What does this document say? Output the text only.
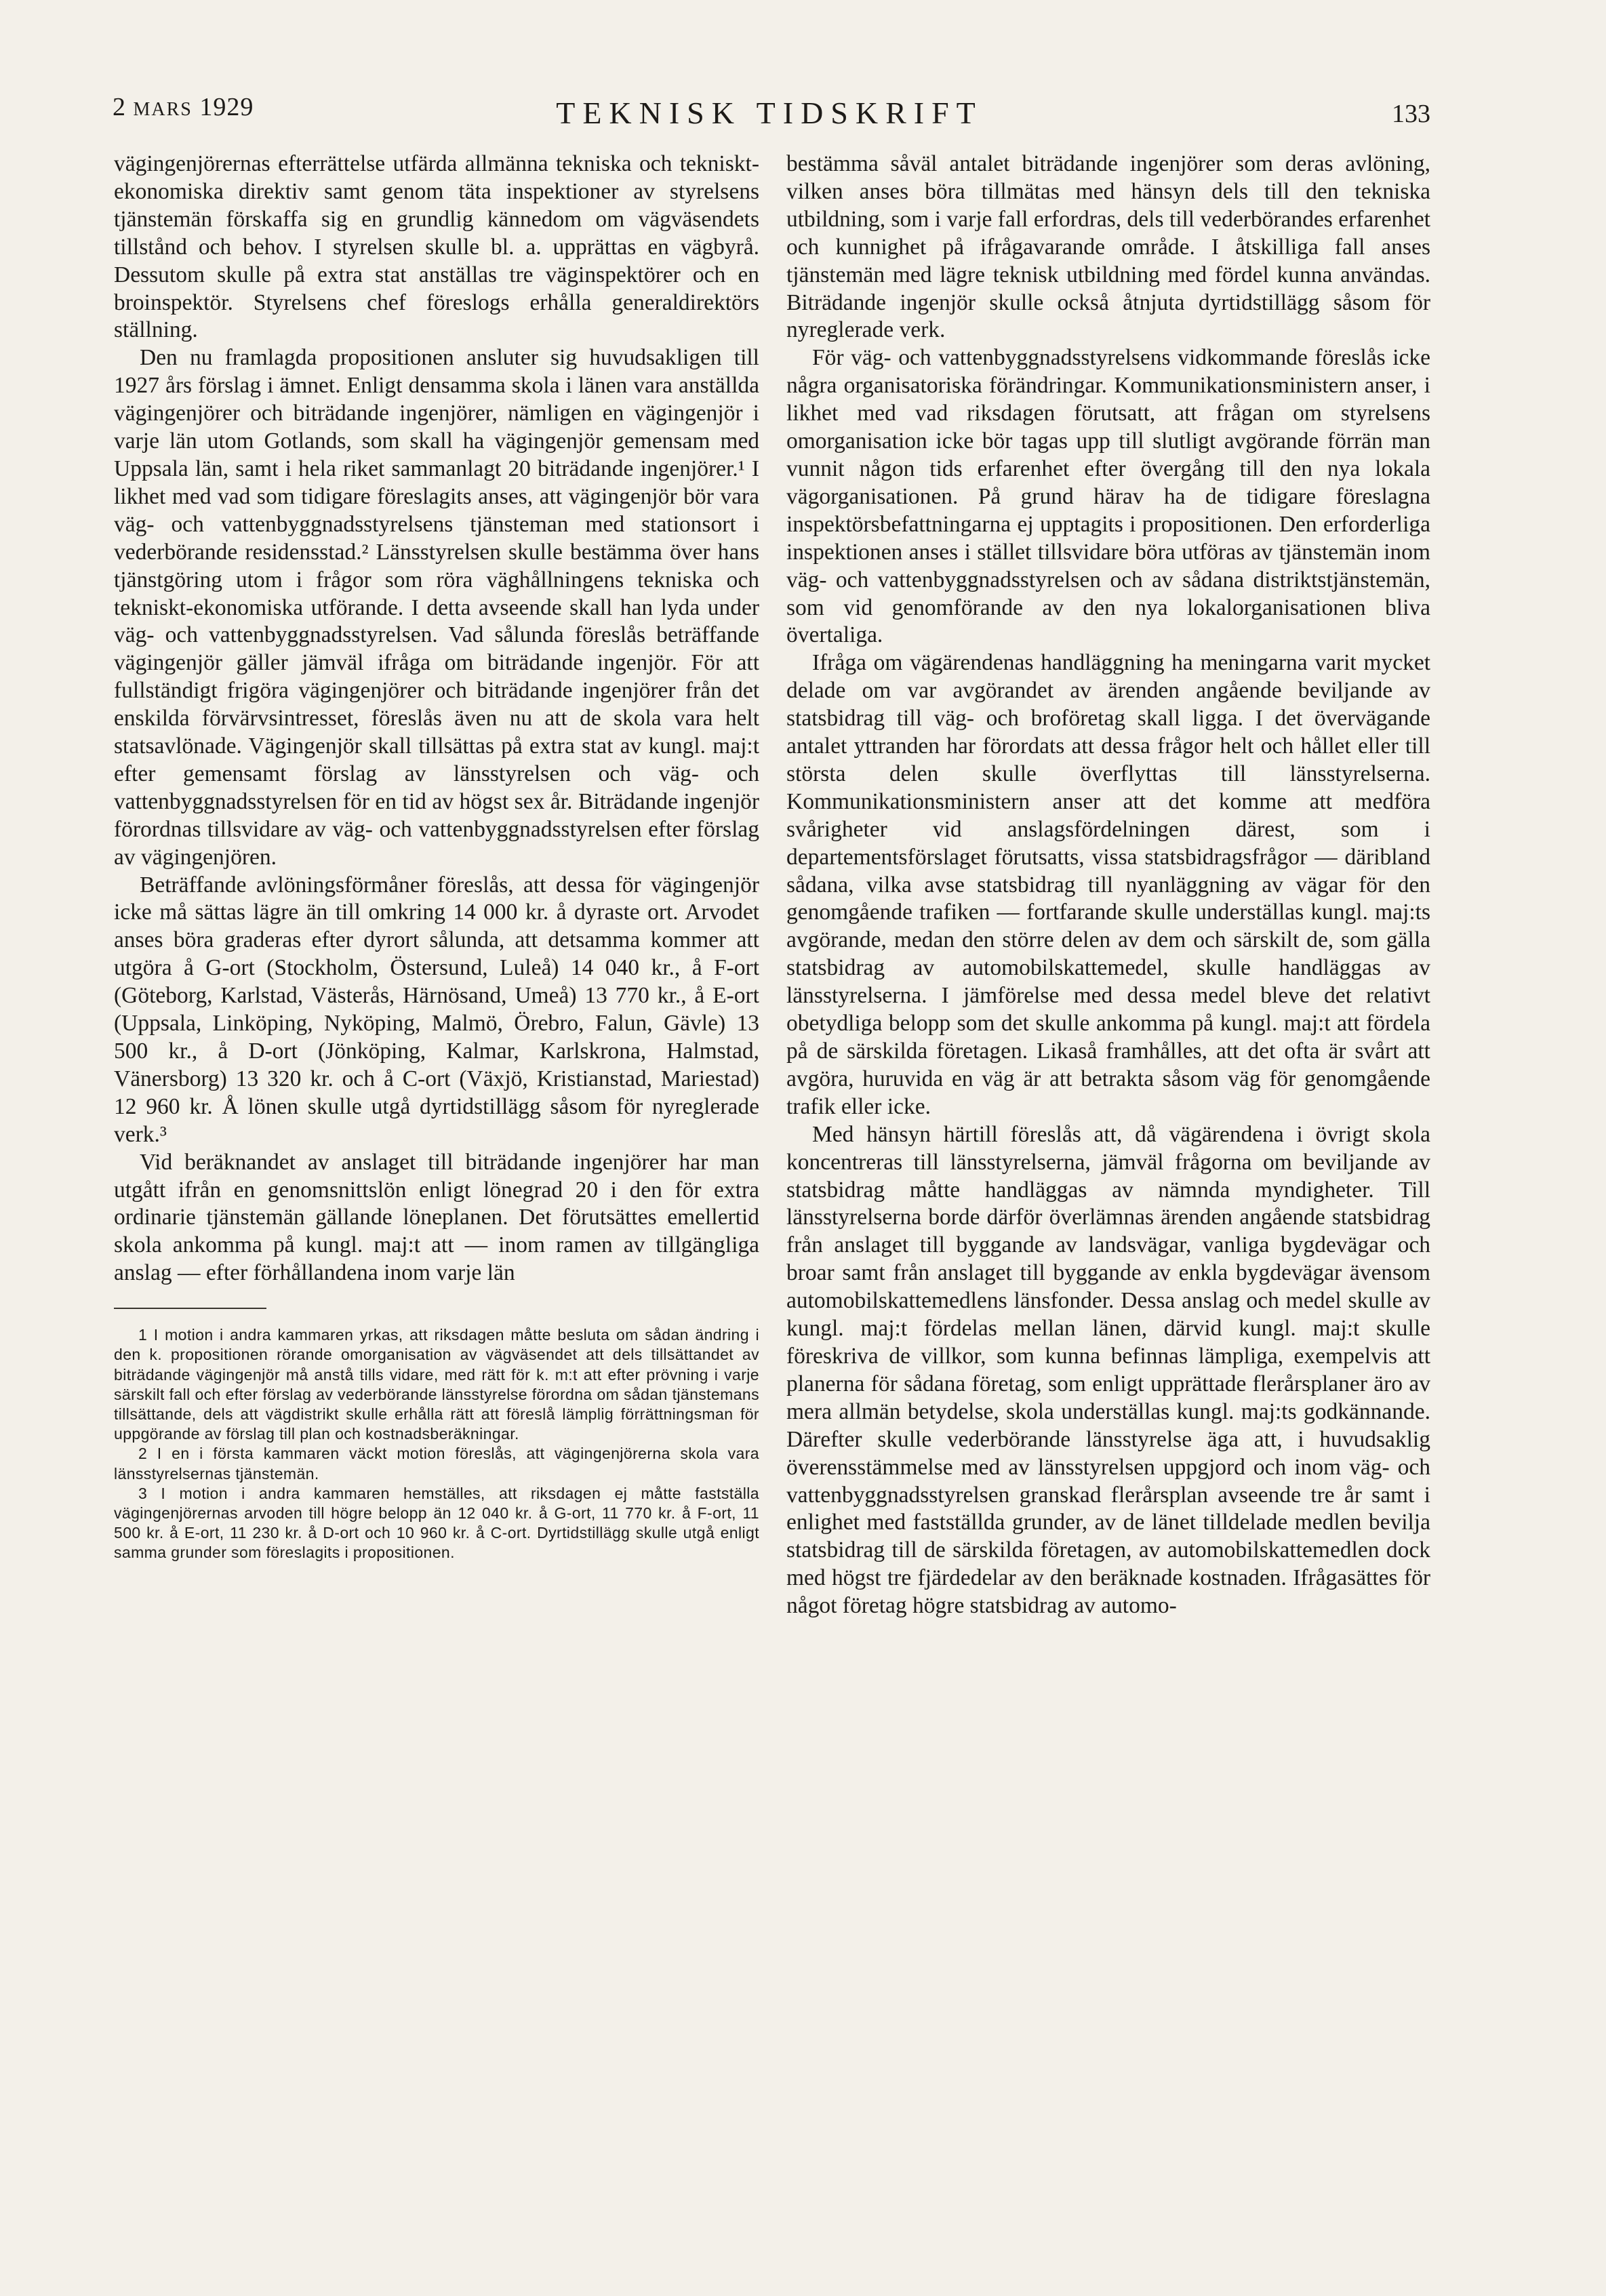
2 MARS 1929	TEKNISK TIDSKRIFT	133

vägingenjörernas efterrättelse utfärda allmänna tekniska och tekniskt-ekonomiska direktiv samt genom täta inspektioner av styrelsens tjänstemän förskaffa sig en grundlig kännedom om vägväsendets tillstånd och behov. I styrelsen skulle bl. a. upprättas en vägbyrå. Dessutom skulle på extra stat anställas tre väginspektörer och en broinspektör. Styrelsens chef föreslogs erhålla generaldirektörs ställning.

Den nu framlagda propositionen ansluter sig huvudsakligen till 1927 års förslag i ämnet. Enligt densamma skola i länen vara anställda vägingenjörer och biträdande ingenjörer, nämligen en vägingenjör i varje län utom Gotlands, som skall ha vägingenjör gemensam med Uppsala län, samt i hela riket sammanlagt 20 biträdande ingenjörer.¹ I likhet med vad som tidigare föreslagits anses, att vägingenjör bör vara väg- och vattenbyggnadsstyrelsens tjänsteman med stationsort i vederbörande residensstad.² Länsstyrelsen skulle bestämma över hans tjänstgöring utom i frågor som röra väghållningens tekniska och tekniskt-ekonomiska utförande. I detta avseende skall han lyda under väg- och vattenbyggnadsstyrelsen. Vad sålunda föreslås beträffande vägingenjör gäller jämväl ifråga om biträdande ingenjör. För att fullständigt frigöra vägingenjörer och biträdande ingenjörer från det enskilda förvärvsintresset, föreslås även nu att de skola vara helt statsavlönade. Vägingenjör skall tillsättas på extra stat av kungl. maj:t efter gemensamt förslag av länsstyrelsen och väg- och vattenbyggnadsstyrelsen för en tid av högst sex år. Biträdande ingenjör förordnas tillsvidare av väg- och vattenbyggnadsstyrelsen efter förslag av vägingenjören.

Beträffande avlöningsförmåner föreslås, att dessa för vägingenjör icke må sättas lägre än till omkring 14 000 kr. å dyraste ort. Arvodet anses böra graderas efter dyrort sålunda, att detsamma kommer att utgöra å G-ort (Stockholm, Östersund, Luleå) 14 040 kr., å F-ort (Göteborg, Karlstad, Västerås, Härnösand, Umeå) 13 770 kr., å E-ort (Uppsala, Linköping, Nyköping, Malmö, Örebro, Falun, Gävle) 13 500 kr., å D-ort (Jönköping, Kalmar, Karlskrona, Halmstad, Vänersborg) 13 320 kr. och å C-ort (Växjö, Kristianstad, Mariestad) 12 960 kr. Å lönen skulle utgå dyrtidstillägg såsom för nyreglerade verk.³

Vid beräknandet av anslaget till biträdande ingenjörer har man utgått ifrån en genomsnittslön enligt lönegrad 20 i den för extra ordinarie tjänstemän gällande löneplanen. Det förutsättes emellertid skola ankomma på kungl. maj:t att — inom ramen av tillgängliga anslag — efter förhållandena inom varje län

1 I motion i andra kammaren yrkas, att riksdagen måtte besluta om sådan ändring i den k. propositionen rörande omorganisation av vägväsendet att dels tillsättandet av biträdande vägingenjör må anstå tills vidare, med rätt för k. m:t att efter prövning i varje särskilt fall och efter förslag av vederbörande länsstyrelse förordna om sådan tjänstemans tillsättande, dels att vägdistrikt skulle erhålla rätt att föreslå lämplig förrättningsman för uppgörande av förslag till plan och kostnadsberäkningar.

2 I en i första kammaren väckt motion föreslås, att vägingenjörerna skola vara länsstyrelsernas tjänstemän.

3 I motion i andra kammaren hemställes, att riksdagen ej måtte fastställa vägingenjörernas arvoden till högre belopp än 12 040 kr. å G-ort, 11 770 kr. å F-ort, 11 500 kr. å E-ort, 11 230 kr. å D-ort och 10 960 kr. å C-ort. Dyrtidstillägg skulle utgå enligt samma grunder som föreslagits i propositionen.

bestämma såväl antalet biträdande ingenjörer som deras avlöning, vilken anses böra tillmätas med hänsyn dels till den tekniska utbildning, som i varje fall erfordras, dels till vederbörandes erfarenhet och kunnighet på ifrågavarande område. I åtskilliga fall anses tjänstemän med lägre teknisk utbildning med fördel kunna användas. Biträdande ingenjör skulle också åtnjuta dyrtidstillägg såsom för nyreglerade verk.

För väg- och vattenbyggnadsstyrelsens vidkommande föreslås icke några organisatoriska förändringar. Kommunikationsministern anser, i likhet med vad riksdagen förutsatt, att frågan om styrelsens omorganisation icke bör tagas upp till slutligt avgörande förrän man vunnit någon tids erfarenhet efter övergång till den nya lokala vägorganisationen. På grund härav ha de tidigare föreslagna inspektörsbefattningarna ej upptagits i propositionen. Den erforderliga inspektionen anses i stället tillsvidare böra utföras av tjänstemän inom väg- och vattenbyggnadsstyrelsen och av sådana distriktstjänstemän, som vid genomförande av den nya lokalorganisationen bliva övertaliga.

Ifråga om vägärendenas handläggning ha meningarna varit mycket delade om var avgörandet av ärenden angående beviljande av statsbidrag till väg- och broföretag skall ligga. I det övervägande antalet yttranden har förordats att dessa frågor helt och hållet eller till största delen skulle överflyttas till länsstyrelserna. Kommunikationsministern anser att det komme att medföra svårigheter vid anslagsfördelningen därest, som i departementsförslaget förutsatts, vissa statsbidragsfrågor — däribland sådana, vilka avse statsbidrag till nyanläggning av vägar för den genomgående trafiken — fortfarande skulle underställas kungl. maj:ts avgörande, medan den större delen av dem och särskilt de, som gälla statsbidrag av automobilskattemedel, skulle handläggas av länsstyrelserna. I jämförelse med dessa medel bleve det relativt obetydliga belopp som det skulle ankomma på kungl. maj:t att fördela på de särskilda företagen. Likaså framhålles, att det ofta är svårt att avgöra, huruvida en väg är att betrakta såsom väg för genomgående trafik eller icke.

Med hänsyn härtill föreslås att, då vägärendena i övrigt skola koncentreras till länsstyrelserna, jämväl frågorna om beviljande av statsbidrag måtte handläggas av nämnda myndigheter. Till länsstyrelserna borde därför överlämnas ärenden angående statsbidrag från anslaget till byggande av landsvägar, vanliga bygdevägar och broar samt från anslaget till byggande av enkla bygdevägar ävensom automobilskattemedlens länsfonder. Dessa anslag och medel skulle av kungl. maj:t fördelas mellan länen, därvid kungl. maj:t skulle föreskriva de villkor, som kunna befinnas lämpliga, exempelvis att planerna för sådana företag, som enligt upprättade flerårsplaner äro av mera allmän betydelse, skola underställas kungl. maj:ts godkännande. Därefter skulle vederbörande länsstyrelse äga att, i huvudsaklig överensstämmelse med av länsstyrelsen uppgjord och inom väg- och vattenbyggnadsstyrelsen granskad flerårsplan avseende tre år samt i enlighet med fastställda grunder, av de länet tilldelade medlen bevilja statsbidrag till de särskilda företagen, av automobilskattemedlen dock med högst tre fjärdedelar av den beräknade kostnaden. Ifrågasättes för något företag högre statsbidrag av automo-
